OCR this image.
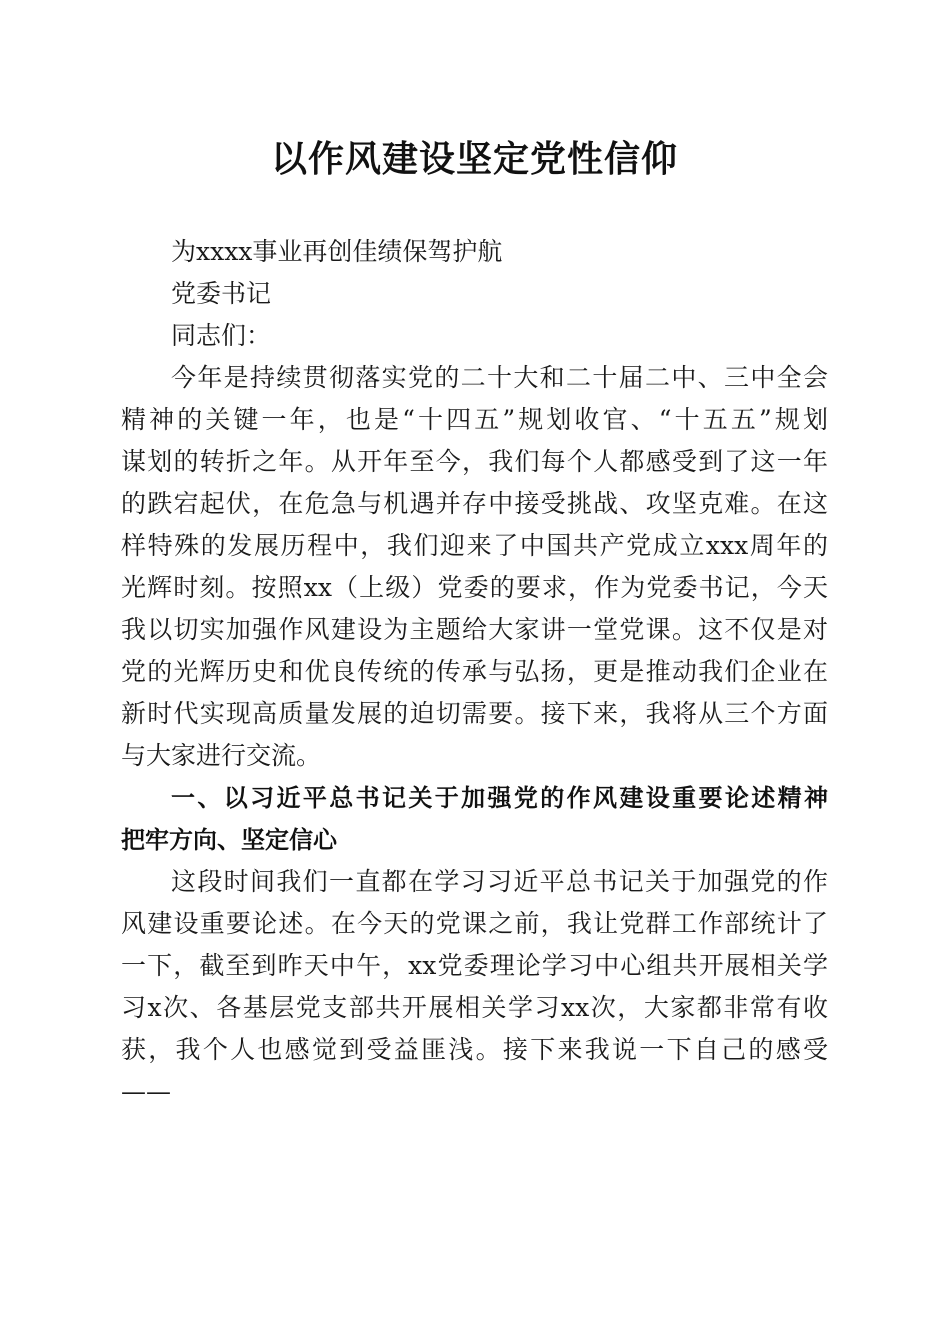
以作风建设坚定党性信仰
为xxxx事业再创佳绩保驾护航
党委书记
同志们：
今年是持续贯彻落实党的二十大和二十届二中、三中全会
精神的关键一年，也是“十四五”规划收官、“十五五”规划
谋划的转折之年。从开年至今，我们每个人都感受到了这一年
的跌宕起伏，在危急与机遇并存中接受挑战、攻坚克难。在这
样特殊的发展历程中，我们迎来了中国共产党成立xxx周年的
光辉时刻。按照xx（上级）党委的要求，作为党委书记，今天
我以切实加强作风建设为主题给大家讲一堂党课。这不仅是对
党的光辉历史和优良传统的传承与弘扬，更是推动我们企业在
新时代实现高质量发展的迫切需要。接下来，我将从三个方面
与大家进行交流。
一、以习近平总书记关于加强党的作风建设重要论述精神
把牢方向、坚定信心
这段时间我们一直都在学习习近平总书记关于加强党的作
风建设重要论述。在今天的党课之前，我让党群工作部统计了
一下，截至到昨天中午，xx党委理论学习中心组共开展相关学
习x次、各基层党支部共开展相关学习xx次，大家都非常有收
获，我个人也感觉到受益匪浅。接下来我说一下自己的感受
——
